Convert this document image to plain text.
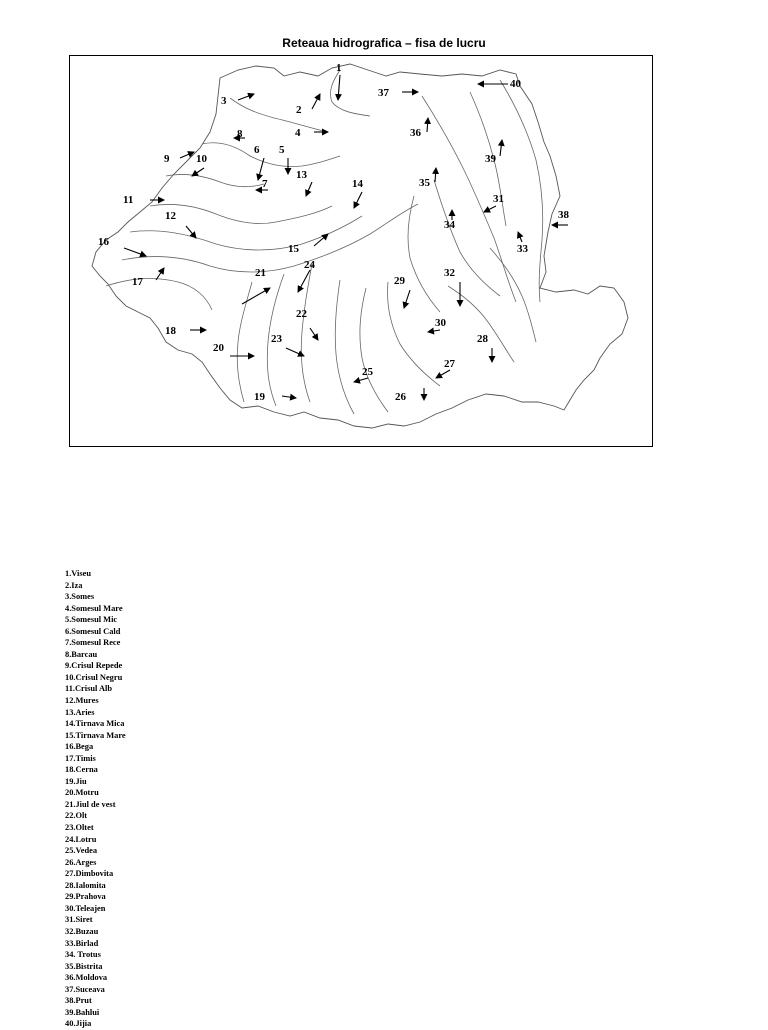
Reteaua hidrografica – fisa de lucru
1
2
3
4
5
6
7
8
9 10
11
12
13
14
15
16
17
18
19
20
21
22
23
24
25
26
27
28
29
30
31
32
33
34
35
36
37
38
39
40
1.Viseu
2.Iza
3.Somes
4.Somesul Mare
5.Somesul Mic
6.Somesul Cald
7.Somesul Rece
8.Barcau
9.Crisul Repede
10.Crisul Negru
11.Crisul Alb
12.Mures
13.Aries
14.Tirnava Mica
15.Tirnava Mare
16.Bega
17.Timis
18.Cerna
19.Jiu
20.Motru
21.Jiul de vest
22.Olt
23.Oltet
24.Lotru
25.Vedea
26.Arges
27.Dimbovita
28.Ialomita
29.Prahova
30.Teleajen
31.Siret
32.Buzau
33.Birlad
34. Trotus
35.Bistrita
36.Moldova
37.Suceava
38.Prut
39.Bahlui
40.Jijia
